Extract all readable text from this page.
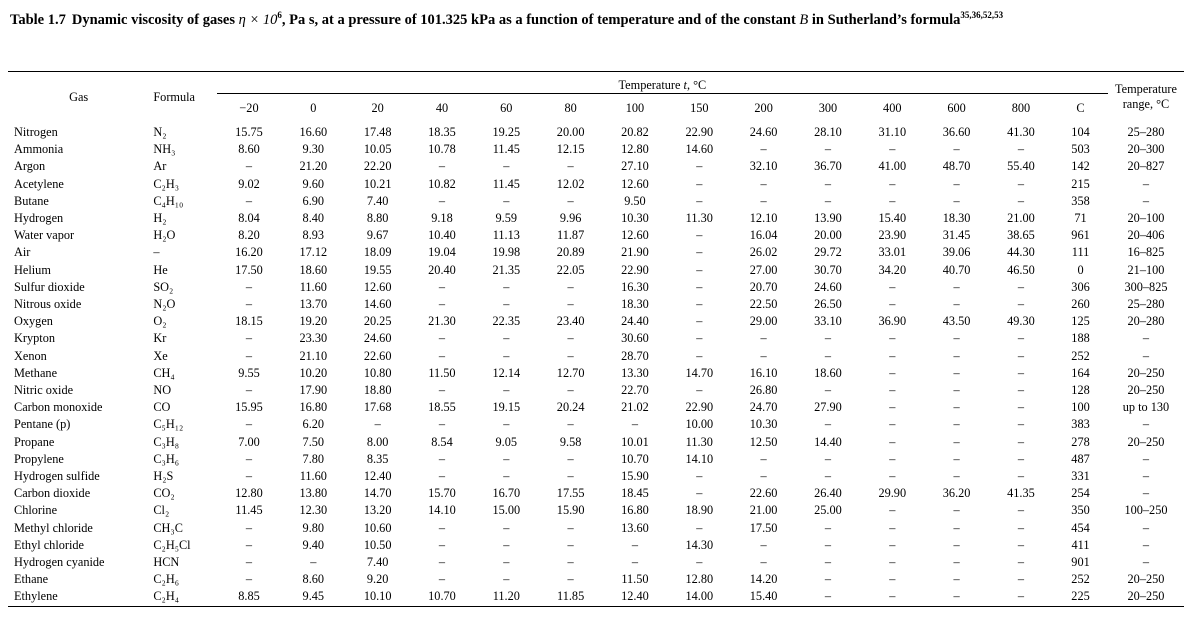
Table 1.7 Dynamic viscosity of gases $\eta \times 10^6$, Pa s, at a pressure of 101.325 kPa as a function of temperature and of the constant B in Sutherland’s formula$^{35,36,52,53}$
Gas	Formula	Temperature t, °C														Temperature
range, °C
		−20	0	20	40	60	80	100	150	200	300	400	600	800	C	
Nitrogen	N₂	15.75	16.60	17.48	18.35	19.25	20.00	20.82	22.90	24.60	28.10	31.10	36.60	41.30	104	25–280
Ammonia	NH₃	8.60	9.30	10.05	10.78	11.45	12.15	12.80	14.60	–	–	–	–	–	503	20–300
Argon	Ar	–	21.20	22.20	–	–	–	27.10	–	32.10	36.70	41.00	48.70	55.40	142	20–827
Acetylene	C₂H₃	9.02	9.60	10.21	10.82	11.45	12.02	12.60	–	–	–	–	–	–	215	–
Butane	C₄H₁₀	–	6.90	7.40	–	–	–	9.50	–	–	–	–	–	–	358	–
Hydrogen	H₂	8.04	8.40	8.80	9.18	9.59	9.96	10.30	11.30	12.10	13.90	15.40	18.30	21.00	71	20–100
Water vapor	H₂O	8.20	8.93	9.67	10.40	11.13	11.87	12.60	–	16.04	20.00	23.90	31.45	38.65	961	20–406
Air	–	16.20	17.12	18.09	19.04	19.98	20.89	21.90	–	26.02	29.72	33.01	39.06	44.30	111	16–825
Helium	He	17.50	18.60	19.55	20.40	21.35	22.05	22.90	–	27.00	30.70	34.20	40.70	46.50	0	21–100
Sulfur dioxide	SO₂	–	11.60	12.60	–	–	–	16.30	–	20.70	24.60	–	–	–	306	300–825
Nitrous oxide	N₂O	–	13.70	14.60	–	–	–	18.30	–	22.50	26.50	–	–	–	260	25–280
Oxygen	O₂	18.15	19.20	20.25	21.30	22.35	23.40	24.40	–	29.00	33.10	36.90	43.50	49.30	125	20–280
Krypton	Kr	–	23.30	24.60	–	–	–	30.60	–	–	–	–	–	–	188	–
Xenon	Xe	–	21.10	22.60	–	–	–	28.70	–	–	–	–	–	–	252	–
Methane	CH₄	9.55	10.20	10.80	11.50	12.14	12.70	13.30	14.70	16.10	18.60	–	–	–	164	20–250
Nitric oxide	NO	–	17.90	18.80	–	–	–	22.70	–	26.80	–	–	–	–	128	20–250
Carbon monoxide	CO	15.95	16.80	17.68	18.55	19.15	20.24	21.02	22.90	24.70	27.90	–	–	–	100	up to 130
Pentane (p)	C₅H₁₂	–	6.20	–	–	–	–	–	10.00	10.30	–	–	–	–	383	–
Propane	C₃H₈	7.00	7.50	8.00	8.54	9.05	9.58	10.01	11.30	12.50	14.40	–	–	–	278	20–250
Propylene	C₃H₆	–	7.80	8.35	–	–	–	10.70	14.10	–	–	–	–	–	487	–
Hydrogen sulfide	H₂S	–	11.60	12.40	–	–	–	15.90	–	–	–	–	–	–	331	–
Carbon dioxide	CO₂	12.80	13.80	14.70	15.70	16.70	17.55	18.45	–	22.60	26.40	29.90	36.20	41.35	254	–
Chlorine	Cl₂	11.45	12.30	13.20	14.10	15.00	15.90	16.80	18.90	21.00	25.00	–	–	–	350	100–250
Methyl chloride	CH₃C	–	9.80	10.60	–	–	–	13.60	–	17.50	–	–	–	–	454	–
Ethyl chloride	C₂H₅Cl	–	9.40	10.50	–	–	–	–	14.30	–	–	–	–	–	411	–
Hydrogen cyanide	HCN	–	–	7.40	–	–	–	–	–	–	–	–	–	–	901	–
Ethane	C₂H₆	–	8.60	9.20	–	–	–	11.50	12.80	14.20	–	–	–	–	252	20–250
Ethylene	C₂H₄	8.85	9.45	10.10	10.70	11.20	11.85	12.40	14.00	15.40	–	–	–	–	225	20–250
